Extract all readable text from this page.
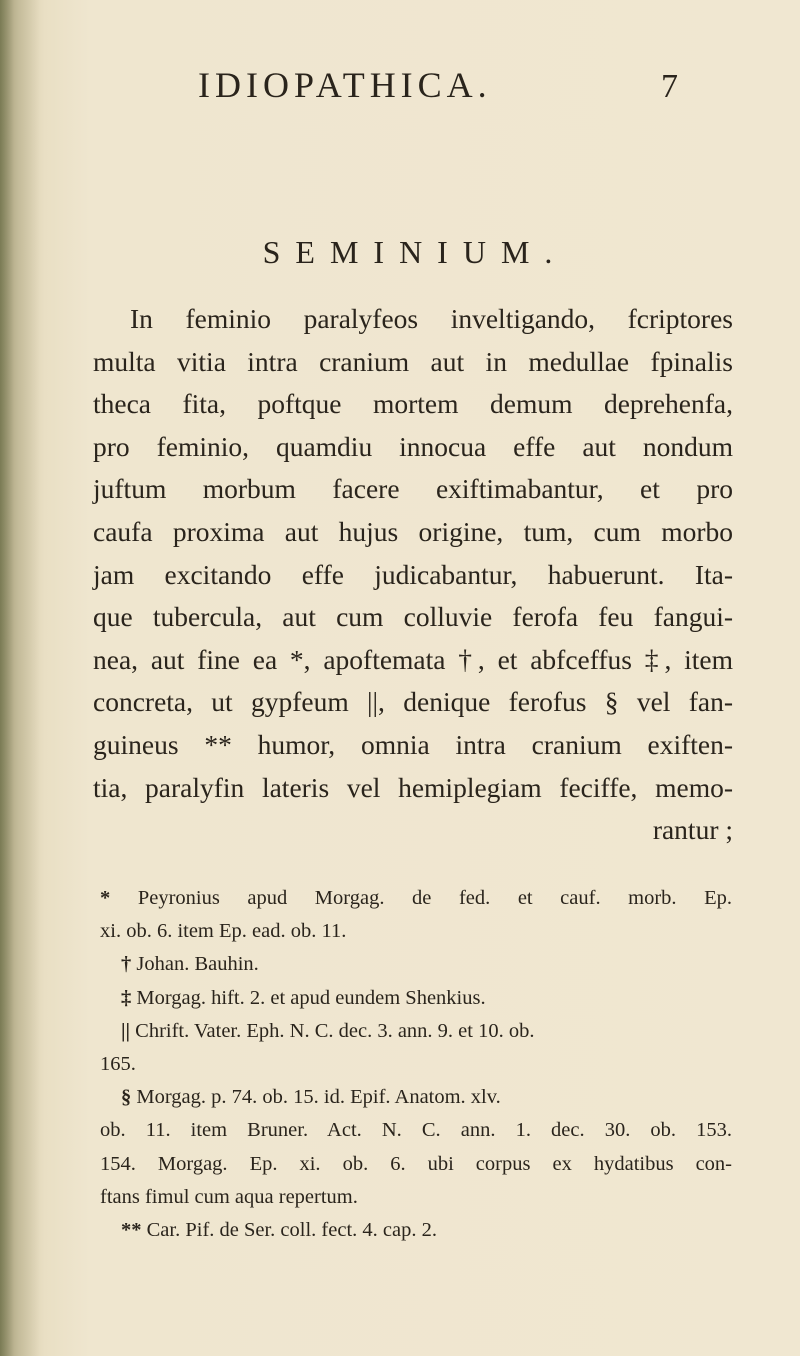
IDIOPATHICA.	7
SEMINIUM.
In feminio paralyfeos inveltigando, fcriptores
multa vitia intra cranium aut in medullae fpinalis
theca fita, poftque mortem demum deprehenfa,
pro feminio, quamdiu innocua effe aut nondum
juftum morbum facere exiftimabantur, et pro
caufa proxima aut hujus origine, tum, cum morbo
jam excitando effe judicabantur, habuerunt. Ita-
que tubercula, aut cum colluvie ferofa feu fangui-
nea, aut fine ea *, apoftemata †, et abfceffus ‡, item
concreta, ut gypfeum ||, denique ferofus § vel fan-
guineus ** humor, omnia intra cranium exiften-
tia, paralyfin lateris vel hemiplegiam feciffe, memo-
rantur ;
* Peyronius apud Morgag. de fed. et cauf. morb. Ep.
xi. ob. 6. item Ep. ead. ob. 11.
† Johan. Bauhin.
‡ Morgag. hift. 2. et apud eundem Shenkius.
|| Chrift. Vater. Eph. N. C. dec. 3. ann. 9. et 10. ob.
165.
§ Morgag. p. 74. ob. 15. id. Epif. Anatom. xlv.
ob. 11. item Bruner. Act. N. C. ann. 1. dec. 30. ob. 153.
154. Morgag. Ep. xi. ob. 6. ubi corpus ex hydatibus con-
ftans fimul cum aqua repertum.
** Car. Pif. de Ser. coll. fect. 4. cap. 2.
